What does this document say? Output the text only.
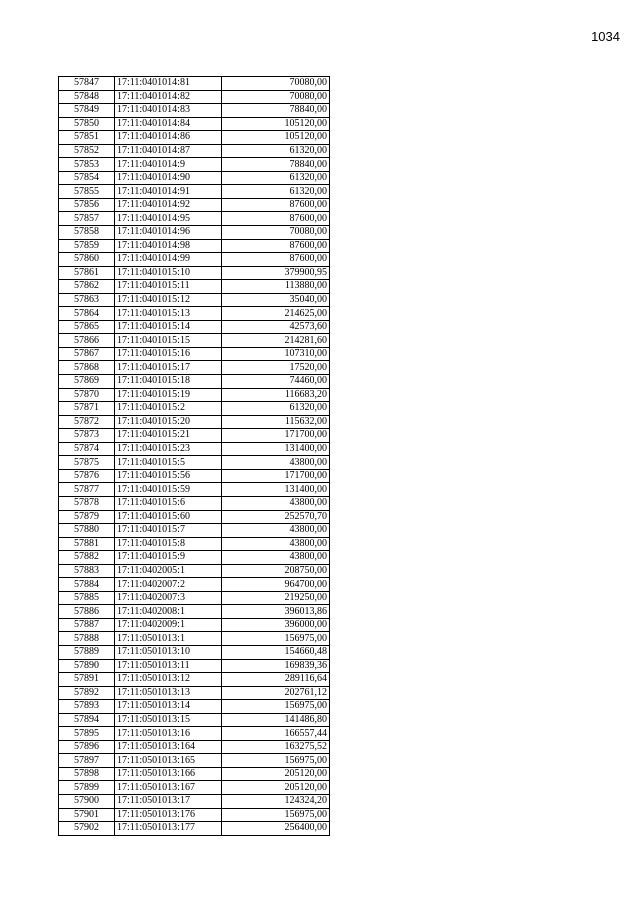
1034
57847	17:11:0401014:81	70080,00
57848	17:11:0401014:82	70080,00
57849	17:11:0401014:83	78840,00
57850	17:11:0401014:84	105120,00
57851	17:11:0401014:86	105120,00
57852	17:11:0401014:87	61320,00
57853	17:11:0401014:9	78840,00
57854	17:11:0401014:90	61320,00
57855	17:11:0401014:91	61320,00
57856	17:11:0401014:92	87600,00
57857	17:11:0401014:95	87600,00
57858	17:11:0401014:96	70080,00
57859	17:11:0401014:98	87600,00
57860	17:11:0401014:99	87600,00
57861	17:11:0401015:10	379900,95
57862	17:11:0401015:11	113880,00
57863	17:11:0401015:12	35040,00
57864	17:11:0401015:13	214625,00
57865	17:11:0401015:14	42573,60
57866	17:11:0401015:15	214281,60
57867	17:11:0401015:16	107310,00
57868	17:11:0401015:17	17520,00
57869	17:11:0401015:18	74460,00
57870	17:11:0401015:19	116683,20
57871	17:11:0401015:2	61320,00
57872	17:11:0401015:20	115632,00
57873	17:11:0401015:21	171700,00
57874	17:11:0401015:23	131400,00
57875	17:11:0401015:5	43800,00
57876	17:11:0401015:56	171700,00
57877	17:11:0401015:59	131400,00
57878	17:11:0401015:6	43800,00
57879	17:11:0401015:60	252570,70
57880	17:11:0401015:7	43800,00
57881	17:11:0401015:8	43800,00
57882	17:11:0401015:9	43800,00
57883	17:11:0402005:1	208750,00
57884	17:11:0402007:2	964700,00
57885	17:11:0402007:3	219250,00
57886	17:11:0402008:1	396013,86
57887	17:11:0402009:1	396000,00
57888	17:11:0501013:1	156975,00
57889	17:11:0501013:10	154660,48
57890	17:11:0501013:11	169839,36
57891	17:11:0501013:12	289116,64
57892	17:11:0501013:13	202761,12
57893	17:11:0501013:14	156975,00
57894	17:11:0501013:15	141486,80
57895	17:11:0501013:16	166557,44
57896	17:11:0501013:164	163275,52
57897	17:11:0501013:165	156975,00
57898	17:11:0501013:166	205120,00
57899	17:11:0501013:167	205120,00
57900	17:11:0501013:17	124324,20
57901	17:11:0501013:176	156975,00
57902	17:11:0501013:177	256400,00
